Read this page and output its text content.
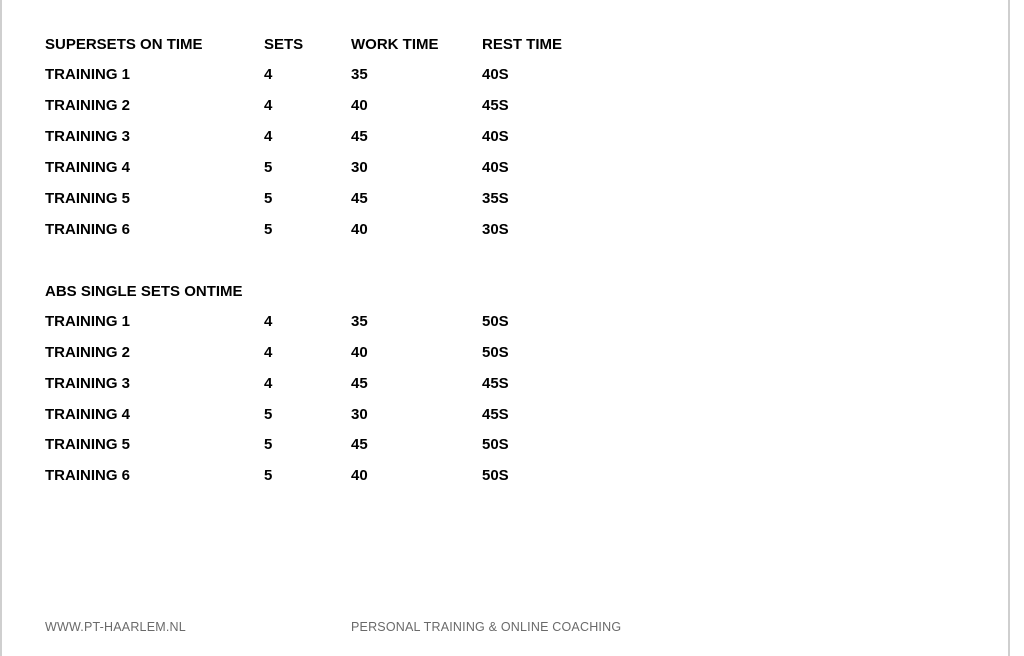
SUPERSETS ON TIME	SETS	WORK TIME	REST TIME
TRAINING 1	4	35	40S
TRAINING 2	4	40	45S
TRAINING 3	4	45	40S
TRAINING 4	5	30	40S
TRAINING 5	5	45	35S
TRAINING 6	5	40	30S
ABS SINGLE SETS ONTIME
TRAINING 1	4	35	50S
TRAINING 2	4	40	50S
TRAINING 3	4	45	45S
TRAINING 4	5	30	45S
TRAINING 5	5	45	50S
TRAINING 6	5	40	50S
WWW.PT-HAARLEM.NL	PERSONAL TRAINING & ONLINE COACHING
